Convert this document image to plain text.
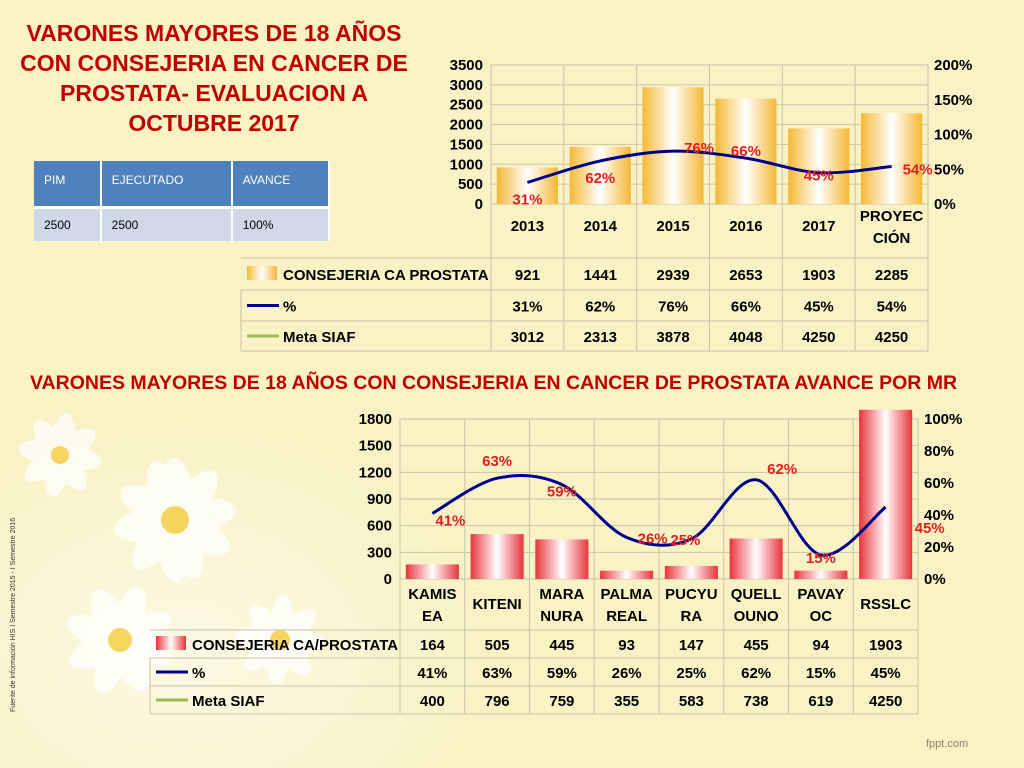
VARONES MAYORES DE 18 AÑOS CON CONSEJERIA EN CANCER DE PROSTATA- EVALUACION A OCTUBRE 2017
PIM	EJECUTADO	AVANCE
2500	2500	100%
0
500
1000
1500
2000
2500
3000
3500
0%
50%
100%
150%
200%
31%
62%
76% 66%
45%	54%
2013	2014	2015	2016	2017
PROYEC CIÓN
CONSEJERIA CA PROSTATA 921	1441	2939	2653	1903	2285
%	31%	62%	76%	66%	45%	54%
Meta SIAF	3012	2313	3878	4048	4250	4250
VARONES MAYORES DE 18 AÑOS CON CONSEJERIA EN CANCER DE PROSTATA AVANCE POR MR
0
300
600
900
1200
1500
1800
0%
20%
40%
60%
80%
100%
41%
63%
59%
26% 25%
62%
15%
45%
KAMIS EA
KITENI
MARA NURA
PALMA REAL
PUCYU RA
QUELL OUNO
PAVAY OC
RSSLC
CONSEJERIA CA/PROSTATA 164	505	445	93	147	455	94	1903
%	41% 63% 59% 26% 25% 62% 15% 45%
Meta SIAF	400	796	759	355	583	738	619 4250
Fuente de información HIS I Semestre 2015 - I Semestre 2016
fppt.com
